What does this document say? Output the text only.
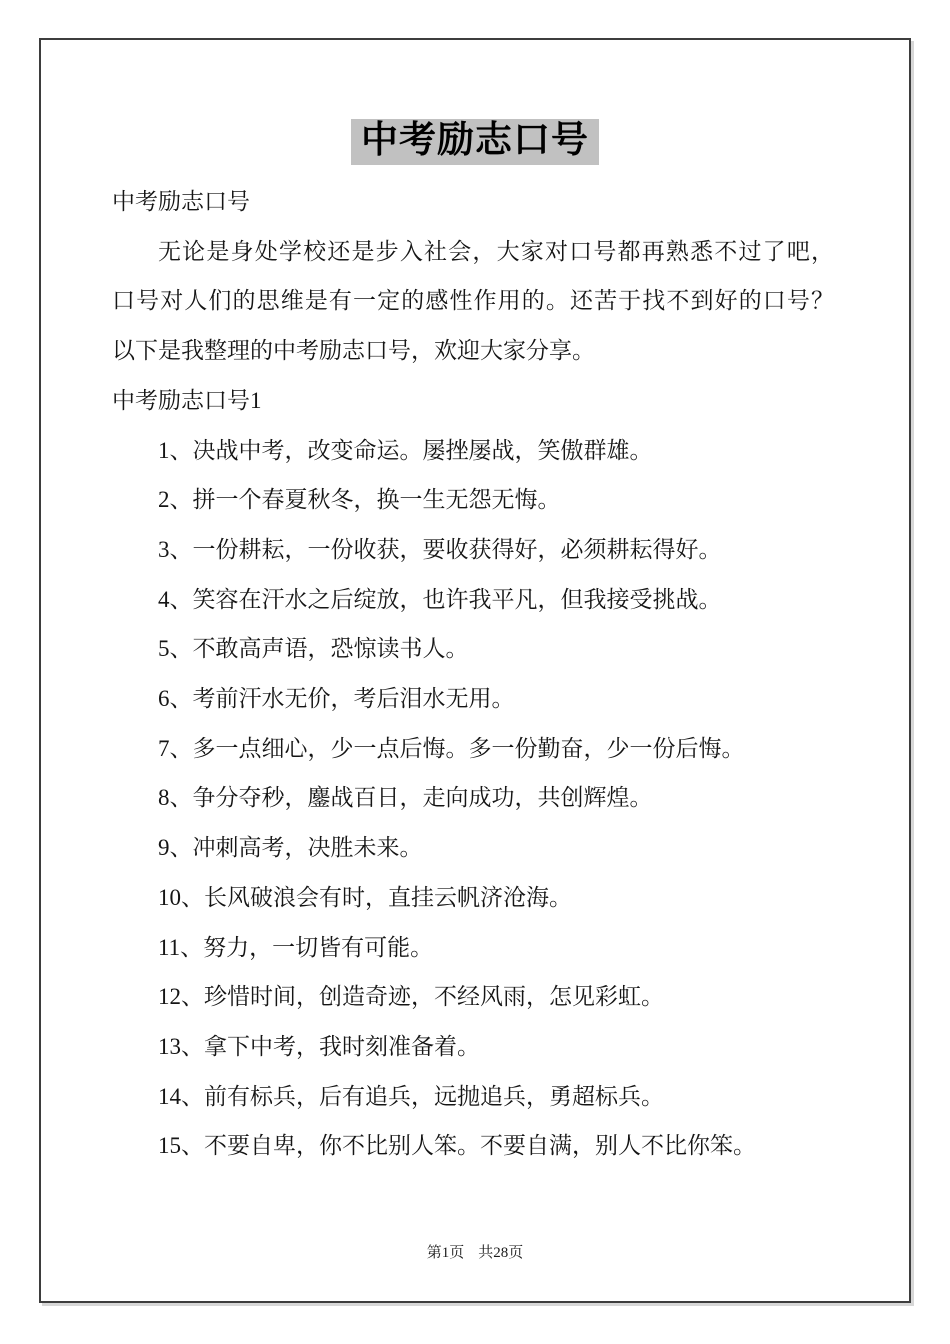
中考励志口号
中考励志口号
无论是身处学校还是步入社会，大家对口号都再熟悉不过了吧，
口号对人们的思维是有一定的感性作用的。还苦于找不到好的口号？
以下是我整理的中考励志口号，欢迎大家分享。
中考励志口号1
1、决战中考，改变命运。屡挫屡战，笑傲群雄。
2、拼一个春夏秋冬，换一生无怨无悔。
3、一份耕耘，一份收获，要收获得好，必须耕耘得好。
4、笑容在汗水之后绽放，也许我平凡，但我接受挑战。
5、不敢高声语，恐惊读书人。
6、考前汗水无价，考后泪水无用。
7、多一点细心，少一点后悔。多一份勤奋，少一份后悔。
8、争分夺秒，鏖战百日，走向成功，共创辉煌。
9、冲刺高考，决胜未来。
10、长风破浪会有时，直挂云帆济沧海。
11、努力，一切皆有可能。
12、珍惜时间，创造奇迹，不经风雨，怎见彩虹。
13、拿下中考，我时刻准备着。
14、前有标兵，后有追兵，远抛追兵，勇超标兵。
15、不要自卑，你不比别人笨。不要自满，别人不比你笨。
第1页 共28页
